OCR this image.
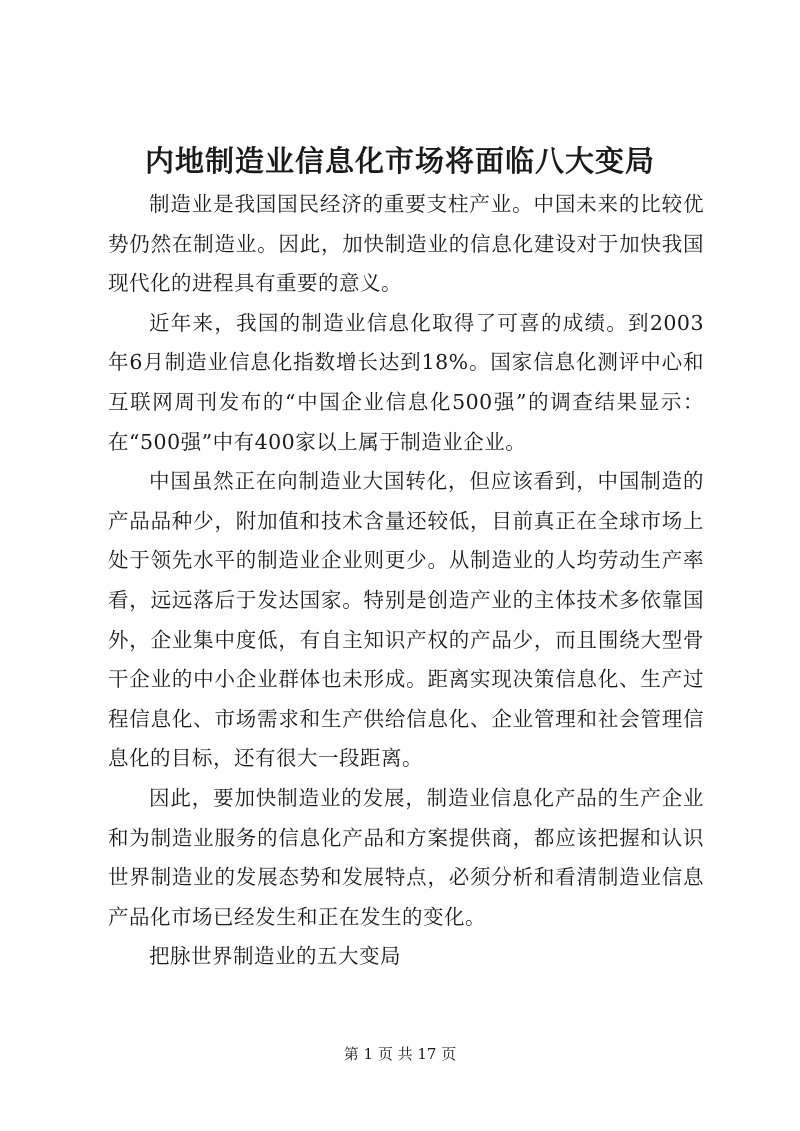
内地制造业信息化市场将面临八大变局

制造业是我国国民经济的重要支柱产业。中国未来的比较优势仍然在制造业。因此，加快制造业的信息化建设对于加快我国现代化的进程具有重要的意义。

近年来，我国的制造业信息化取得了可喜的成绩。到2003年6月制造业信息化指数增长达到18%。国家信息化测评中心和互联网周刊发布的“中国企业信息化500强”的调查结果显示：在“500强”中有400家以上属于制造业企业。

中国虽然正在向制造业大国转化，但应该看到，中国制造的产品品种少，附加值和技术含量还较低，目前真正在全球市场上处于领先水平的制造业企业则更少。从制造业的人均劳动生产率看，远远落后于发达国家。特别是创造产业的主体技术多依靠国外，企业集中度低，有自主知识产权的产品少，而且围绕大型骨干企业的中小企业群体也未形成。距离实现决策信息化、生产过程信息化、市场需求和生产供给信息化、企业管理和社会管理信息化的目标，还有很大一段距离。

因此，要加快制造业的发展，制造业信息化产品的生产企业和为制造业服务的信息化产品和方案提供商，都应该把握和认识世界制造业的发展态势和发展特点，必须分析和看清制造业信息产品化市场已经发生和正在发生的变化。

把脉世界制造业的五大变局

第 1 页 共 17 页
